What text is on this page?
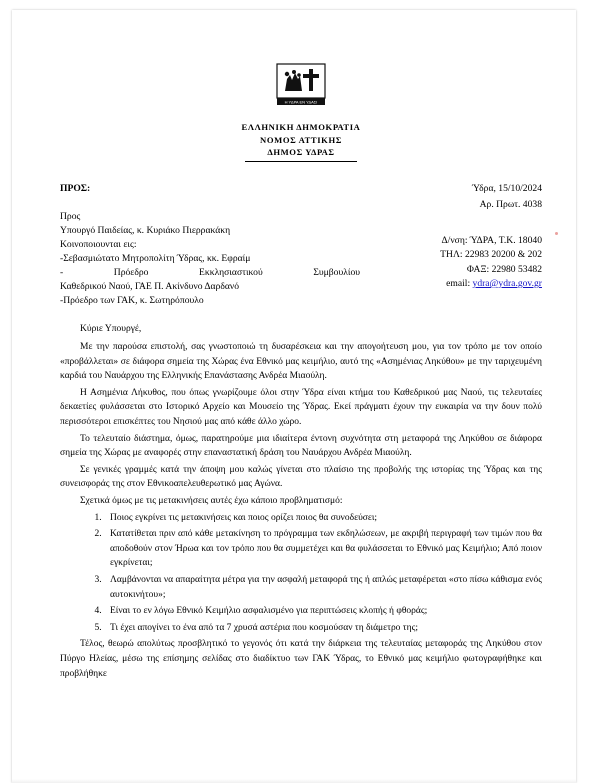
Η ΥΔΡΑ ΕΝ ΥΔΑΣΙ
ΕΛΛΗΝΙΚΗ ΔΗΜΟΚΡΑΤΙΑ
ΝΟΜΟΣ ΑΤΤΙΚΗΣ
ΔΗΜΟΣ ΥΔΡΑΣ
ΠΡΟΣ:
Προς
Υπουργό Παιδείας, κ. Κυριάκο Πιερρακάκη
Κοινοποιουνται εις:
-Σεβασμιώτατο Μητροπολίτη Ύδρας, κκ. Εφραίμ
-	Πρόεδρο	Εκκλησιαστικού	Συμβουλίου
Καθεδρικού Ναού, ΓΑΕ Π. Ακίνδυνο Δαρδανό
-Πρόεδρο των ΓΑΚ, κ. Σωτηρόπουλο
Ύδρα, 15/10/2024
Αρ. Πρωτ. 4038
Δ/νση: ΎΔΡΑ, Τ.Κ. 18040
ΤΗΛ: 22983 20200 & 202
ΦΑΞ: 22980 53482
email: ydra@ydra.gov.gr

Κύριε Υπουργέ,

Με την παρούσα επιστολή, σας γνωστοποιώ τη δυσαρέσκεια και την απογοήτευση μου, για τον τρόπο με τον οποίο «προβάλλεται» σε διάφορα σημεία της Χώρας ένα Εθνικό μας κειμήλιο, αυτό της «Ασημένιας Ληκύθου» με την ταριχευμένη καρδιά του Ναυάρχου της Ελληνικής Επανάστασης Ανδρέα Μιαούλη.

Η Ασημένια Λήκυθος, που όπως γνωρίζουμε όλοι στην Ύδρα είναι κτήμα του Καθεδρικού μας Ναού, τις τελευταίες δεκαετίες φυλάσσεται στο Ιστορικό Αρχείο και Μουσείο της Ύδρας. Εκεί πράγματι έχουν την ευκαιρία να την δουν πολύ περισσότεροι επισκέπτες του Νησιού μας από κάθε άλλο χώρο.

Το τελευταίο διάστημα, όμως, παρατηρούμε μια ιδιαίτερα έντονη συχνότητα στη μεταφορά της Ληκύθου σε διάφορα σημεία της Χώρας με αναφορές στην επαναστατική δράση του Ναυάρχου Ανδρέα Μιαούλη.

Σε γενικές γραμμές κατά την άποψη μου καλώς γίνεται στο πλαίσιο της προβολής της ιστορίας της Ύδρας και της συνεισφοράς της στον Εθνικοαπελευθερωτικό μας Αγώνα.

Σχετικά όμως με τις μετακινήσεις αυτές έχω κάποιο προβληματισμό:

1. Ποιος εγκρίνει τις μετακινήσεις και ποιος ορίζει ποιος θα συνοδεύσει;
2. Κατατίθεται πριν από κάθε μετακίνηση το πρόγραμμα των εκδηλώσεων, με ακριβή περιγραφή των τιμών που θα αποδοθούν στον Ήρωα και τον τρόπο που θα συμμετέχει και θα φυλάσσεται το Εθνικό μας Κειμήλιο; Από ποιον εγκρίνεται;
3. Λαμβάνονται να απαραίτητα μέτρα για την ασφαλή μεταφορά της ή απλώς μεταφέρεται «στο πίσω κάθισμα ενός αυτοκινήτου»;
4. Είναι το εν λόγω Εθνικό Κειμήλιο ασφαλισμένο για περιπτώσεις κλοπής ή φθοράς;
5. Τι έχει απογίνει το ένα από τα 7 χρυσά αστέρια που κοσμούσαν τη διάμετρο της;

Τέλος, θεωρώ απολύτως προσβλητικό το γεγονός ότι κατά την διάρκεια της τελευταίας μεταφοράς της Ληκύθου στον Πύργο Ηλείας, μέσω της επίσημης σελίδας στο διαδίκτυο των ΓΑΚ Ύδρας, το Εθνικό μας κειμήλιο φωτογραφήθηκε και προβλήθηκε
